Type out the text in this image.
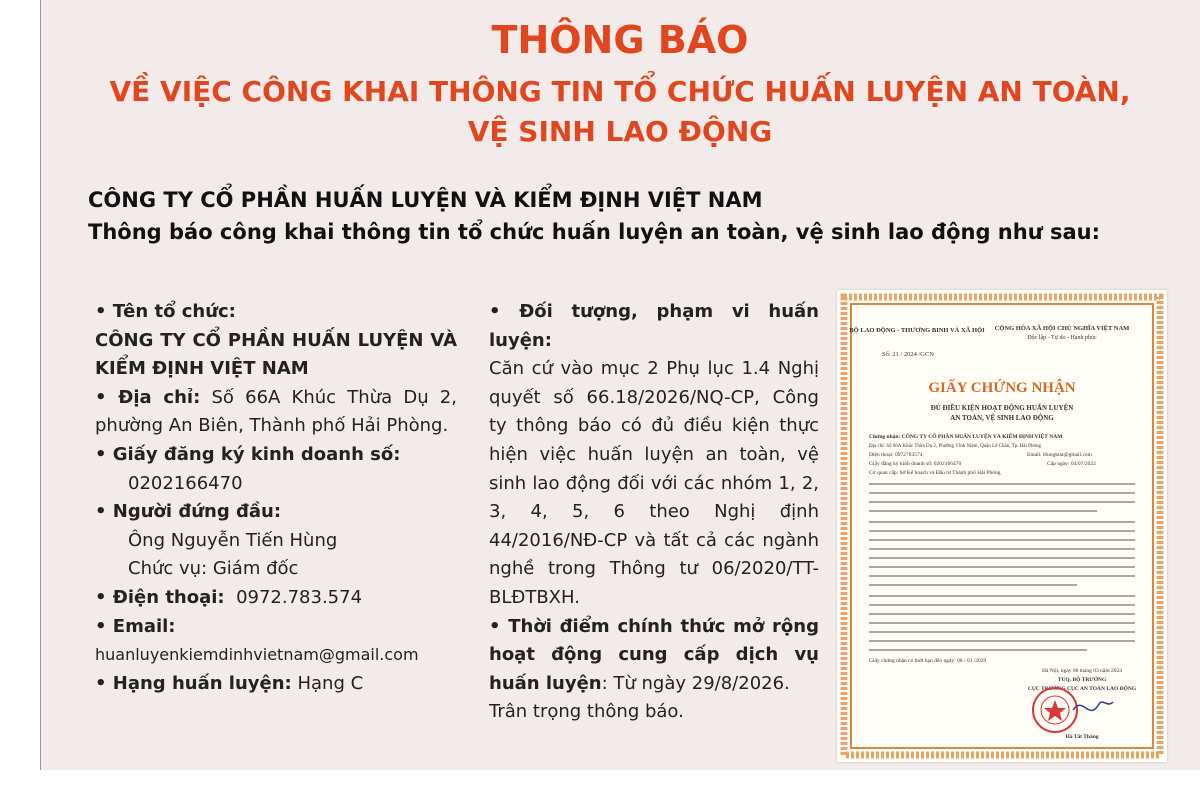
THÔNG BÁO
VỀ VIỆC CÔNG KHAI THÔNG TIN TỔ CHỨC HUẤN LUYỆN AN TOÀN,
VỆ SINH LAO ĐỘNG
CÔNG TY CỔ PHẦN HUẤN LUYỆN VÀ KIỂM ĐỊNH VIỆT NAM
Thông báo công khai thông tin tổ chức huấn luyện an toàn, vệ sinh lao động như sau:
• Tên tổ chức:
CÔNG TY CỔ PHẦN HUẤN LUYỆN VÀ KIỂM ĐỊNH VIỆT NAM
• Địa chỉ: Số 66A Khúc Thừa Dụ 2, phường An Biên, Thành phố Hải Phòng.
• Giấy đăng ký kinh doanh số:
0202166470
• Người đứng đầu:
Ông Nguyễn Tiến Hùng
Chức vụ: Giám đốc
• Điện thoại: 0972.783.574
• Email:
huanluyenkiemdinhvietnam@gmail.com
• Hạng huấn luyện: Hạng C
• Đối tượng, phạm vi huấn luyện:
Căn cứ vào mục 2 Phụ lục 1.4 Nghị quyết số 66.18/2026/NQ-CP, Công ty thông báo có đủ điều kiện thực hiện việc huấn luyện an toàn, vệ sinh lao động đối với các nhóm 1, 2, 3, 4, 5, 6 theo Nghị định 44/2016/NĐ-CP và tất cả các ngành nghề trong Thông tư 06/2020/TT-BLĐTBXH.
• Thời điểm chính thức mở rộng hoạt động cung cấp dịch vụ huấn luyện: Từ ngày 29/8/2026.
Trân trọng thông báo.
BỘ LAO ĐỘNG - THƯƠNG BINH VÀ XÃ HỘI CỘNG HÒA XÃ HỘI CHỦ NGHĨA VIỆT NAM
Độc lập - Tự do - Hạnh phúc
Số: 21 / 2024 /GCN
GIẤY CHỨNG NHẬN
ĐỦ ĐIỀU KIỆN HOẠT ĐỘNG HUẤN LUYỆN
AN TOÀN, VỆ SINH LAO ĐỘNG
Chứng nhận: CÔNG TY CỔ PHẦN HUẤN LUYỆN VÀ KIỂM ĐỊNH VIỆT NAM
Địa chỉ: Số 66A Khúc Thừa Dụ 2, Phường Vĩnh Niệm, Quận Lê Chân, Tp. Hải Phòng
Điện thoại: 0972783574	Email: Hungktat@gmail.com
Giấy đăng ký kinh doanh số: 0202166470	Cấp ngày: 04/07/2022
Cơ quan cấp: Sở Kế hoạch và Đầu tư Thành phố Hải Phòng
Giấy chứng nhận có thời hạn đến ngày: 06 / 03 /2029
Hà Nội, ngày 06 tháng 03 năm 2024
TUQ. BỘ TRƯỞNG
CỤC TRƯỞNG CỤC AN TOÀN LAO ĐỘNG
Hà Tất Thắng
